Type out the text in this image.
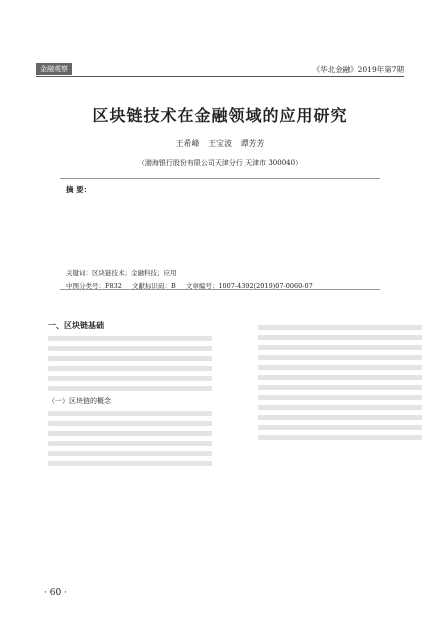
金融观察	《华北金融》2019年第7期
区块链技术在金融领域的应用研究
王希峰 王宝波 谭芳芳
（渤海银行股份有限公司天津分行 天津市 300040）
摘 要：
关键词：区块链技术；金融科技；应用
中图分类号：F832 文献标识码：B 文章编号：1007-4392(2019)07-0060-07
一、区块链基础
（一）区块链的概念
· 60 ·
